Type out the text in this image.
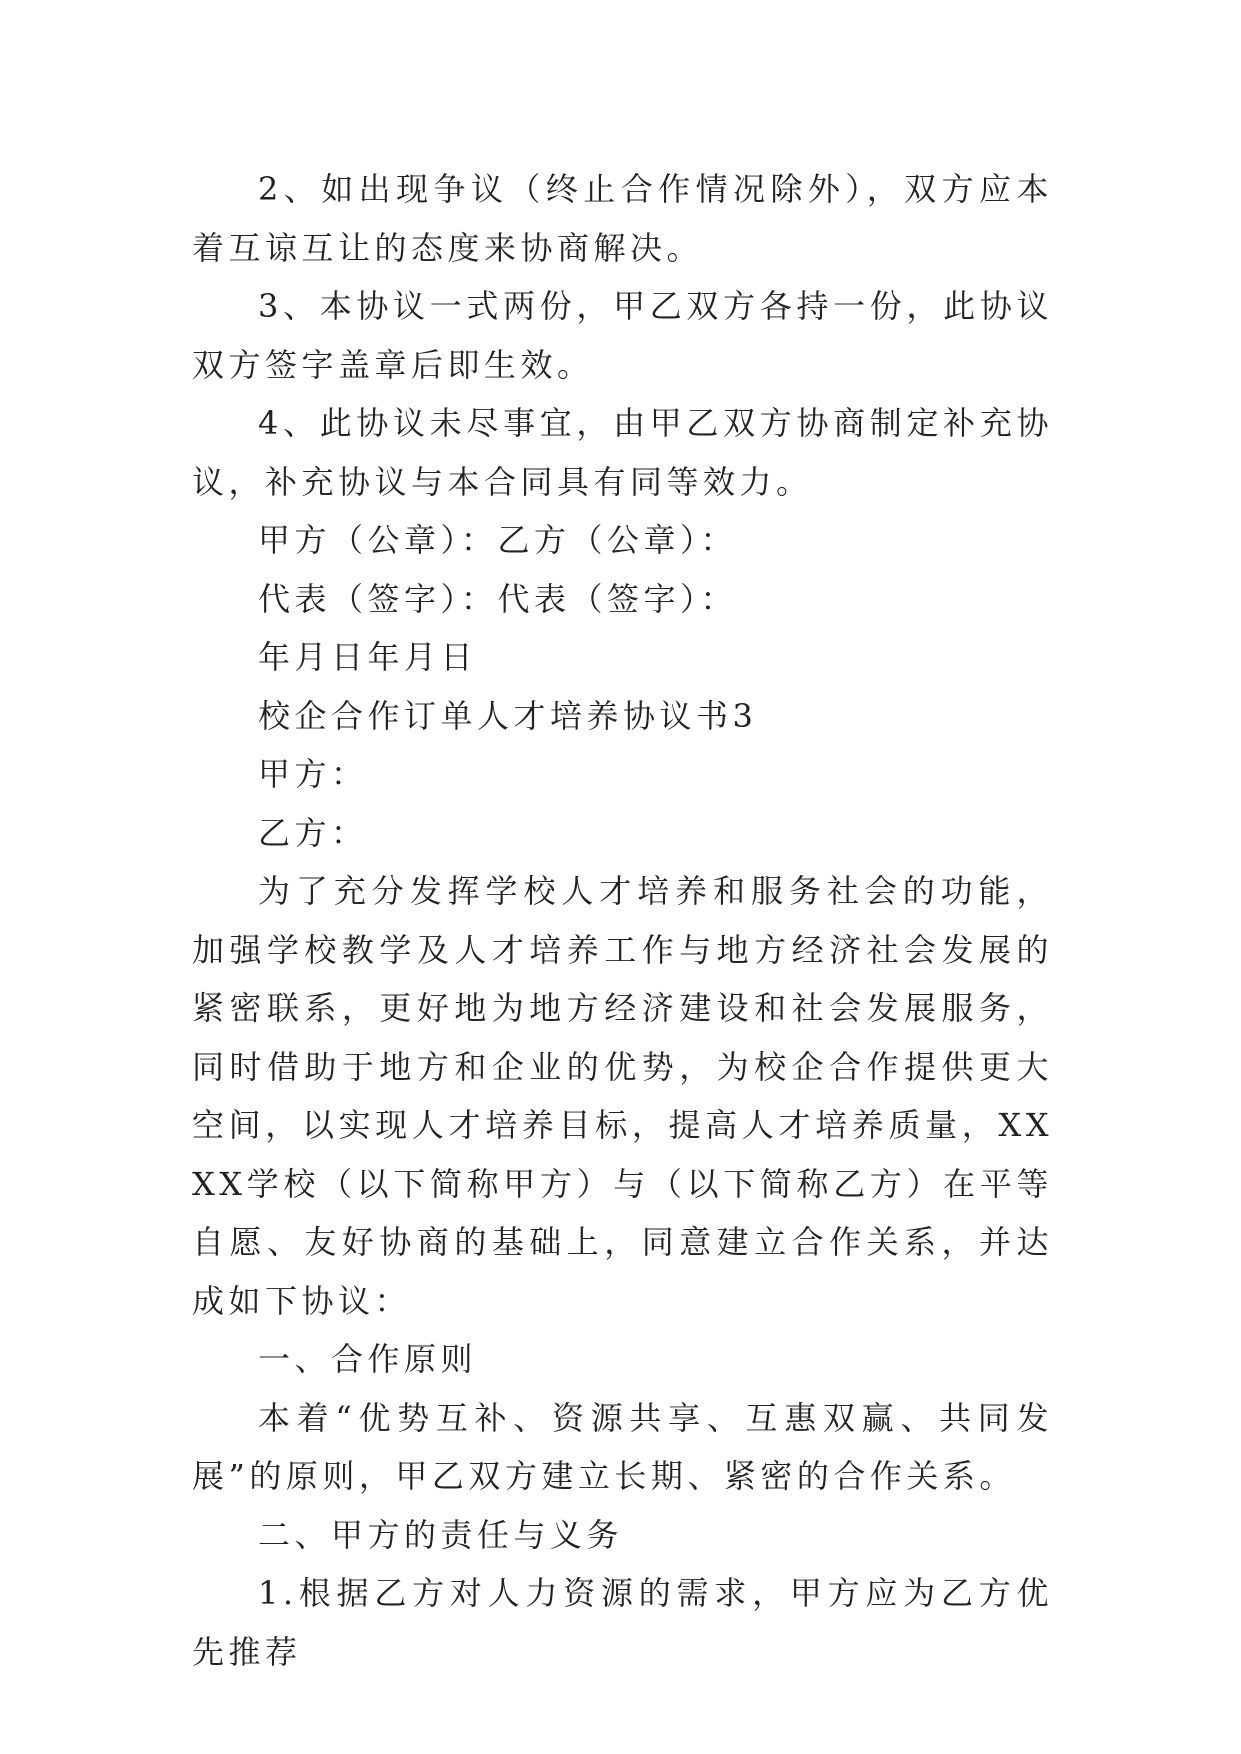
2、如出现争议（终止合作情况除外），双方应本着互谅互让的态度来协商解决。

3、本协议一式两份，甲乙双方各持一份，此协议双方签字盖章后即生效。

4、此协议未尽事宜，由甲乙双方协商制定补充协议，补充协议与本合同具有同等效力。

甲方（公章）：乙方（公章）：

代表（签字）：代表（签字）：

年月日年月日

校企合作订单人才培养协议书3

甲方：

乙方：

为了充分发挥学校人才培养和服务社会的功能，加强学校教学及人才培养工作与地方经济社会发展的紧密联系，更好地为地方经济建设和社会发展服务，同时借助于地方和企业的优势，为校企合作提供更大空间，以实现人才培养目标，提高人才培养质量，XXXX学校（以下简称甲方）与（以下简称乙方）在平等自愿、友好协商的基础上，同意建立合作关系，并达成如下协议：

一、合作原则

本着“优势互补、资源共享、互惠双赢、共同发展”的原则，甲乙双方建立长期、紧密的合作关系。

二、甲方的责任与义务

1.根据乙方对人力资源的需求，甲方应为乙方优先推荐
